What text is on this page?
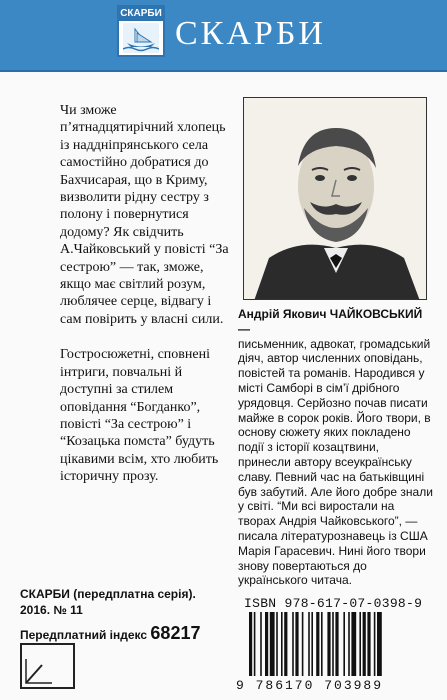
СКАРБИ
СКАРБИ

Чи зможе п’ятнадцятирічний хлопець із наддніпрянського села самостійно добратися до Бахчисарая, що в Криму, визволити рідну сестру з полону і повернутися додому? Як свідчить А.Чайковський у повісті “За сестрою” — так, зможе, якщо має світлий розум, люблячее серце, відвагу і сам повірить у власні сили.

Гостросюжетні, сповнені інтриги, повчальні й доступні за стилем оповідання “Богданко”, повісті “За сестрою” і “Козацька помста” будуть цікавими всім, хто любить історичну прозу.

Андрій Якович ЧАЙКОВСЬКИЙ —
письменник, адвокат, громадський діяч, автор численних оповідань, повістей та романів. Народився у місті Самборі в сім’ї дрібного урядовця. Серйозно почав писати майже в сорок років. Його твори, в основу сюжету яких покладено події з історії козацтвини, принесли автору всеукраїнську славу. Певний час на батьківщині був забутий. Але його добре знали у світі. “Ми всі виростали на творах Андрія Чайковського”, — писала літературознавець із США Марія Гарасевич. Нині його твори знову повертаються до українського читача.
СКАРБИ (передплатна серія).
2016. № 11
Передплатний індекс 68217
ISBN 978-617-07-0398-9
9 786170 703989
